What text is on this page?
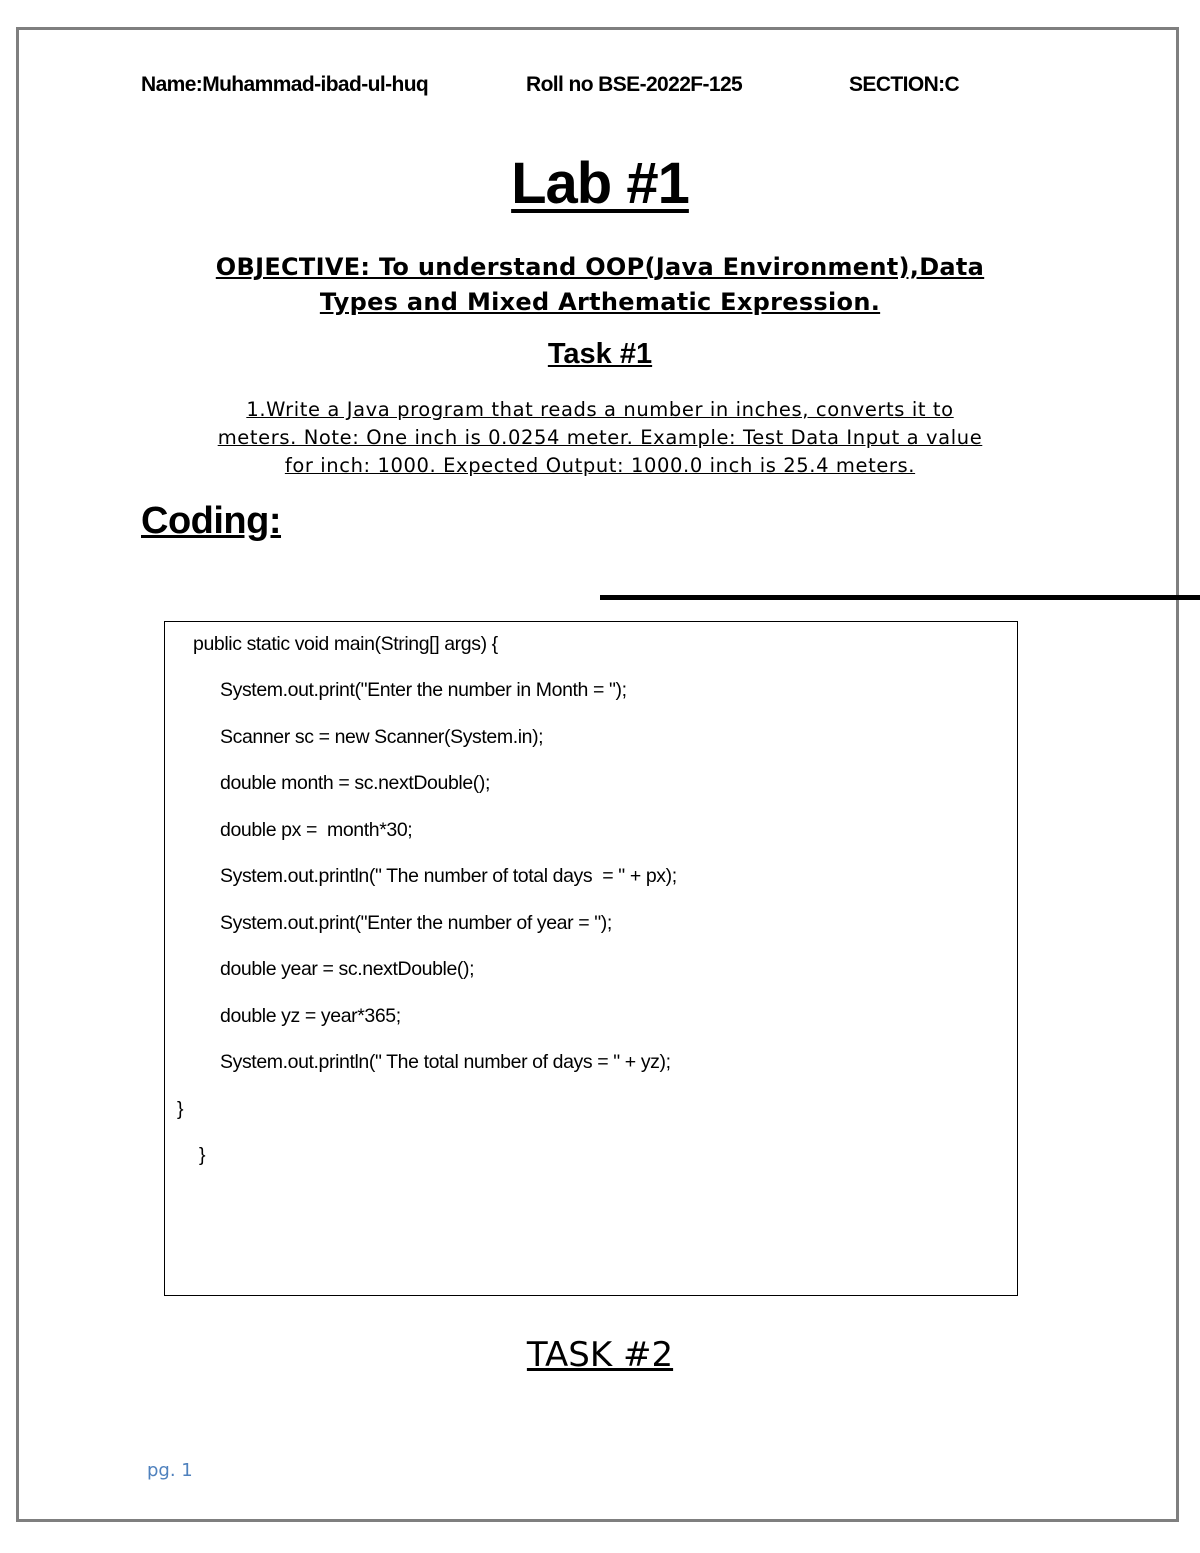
Name:Muhammad-ibad-ul-huq	Roll no BSE-2022F-125	SECTION:C
Lab #1
OBJECTIVE: To understand OOP(Java Environment),Data
Types and Mixed Arthematic Expression.
Task #1
1.Write a Java program that reads a number in inches, converts it to
meters. Note: One inch is 0.0254 meter. Example: Test Data Input a value
for inch: 1000. Expected Output: 1000.0 inch is 25.4 meters.
Coding:
public static void main(String[] args) {
System.out.print("Enter the number in Month = ");
Scanner sc = new Scanner(System.in);
double month = sc.nextDouble();
double px =  month*30;
System.out.println(" The number of total days  = " + px);
System.out.print("Enter the number of year = ");
double year = sc.nextDouble();
double yz = year*365;
System.out.println(" The total number of days = " + yz);
}
}
TASK #2
pg. 1
